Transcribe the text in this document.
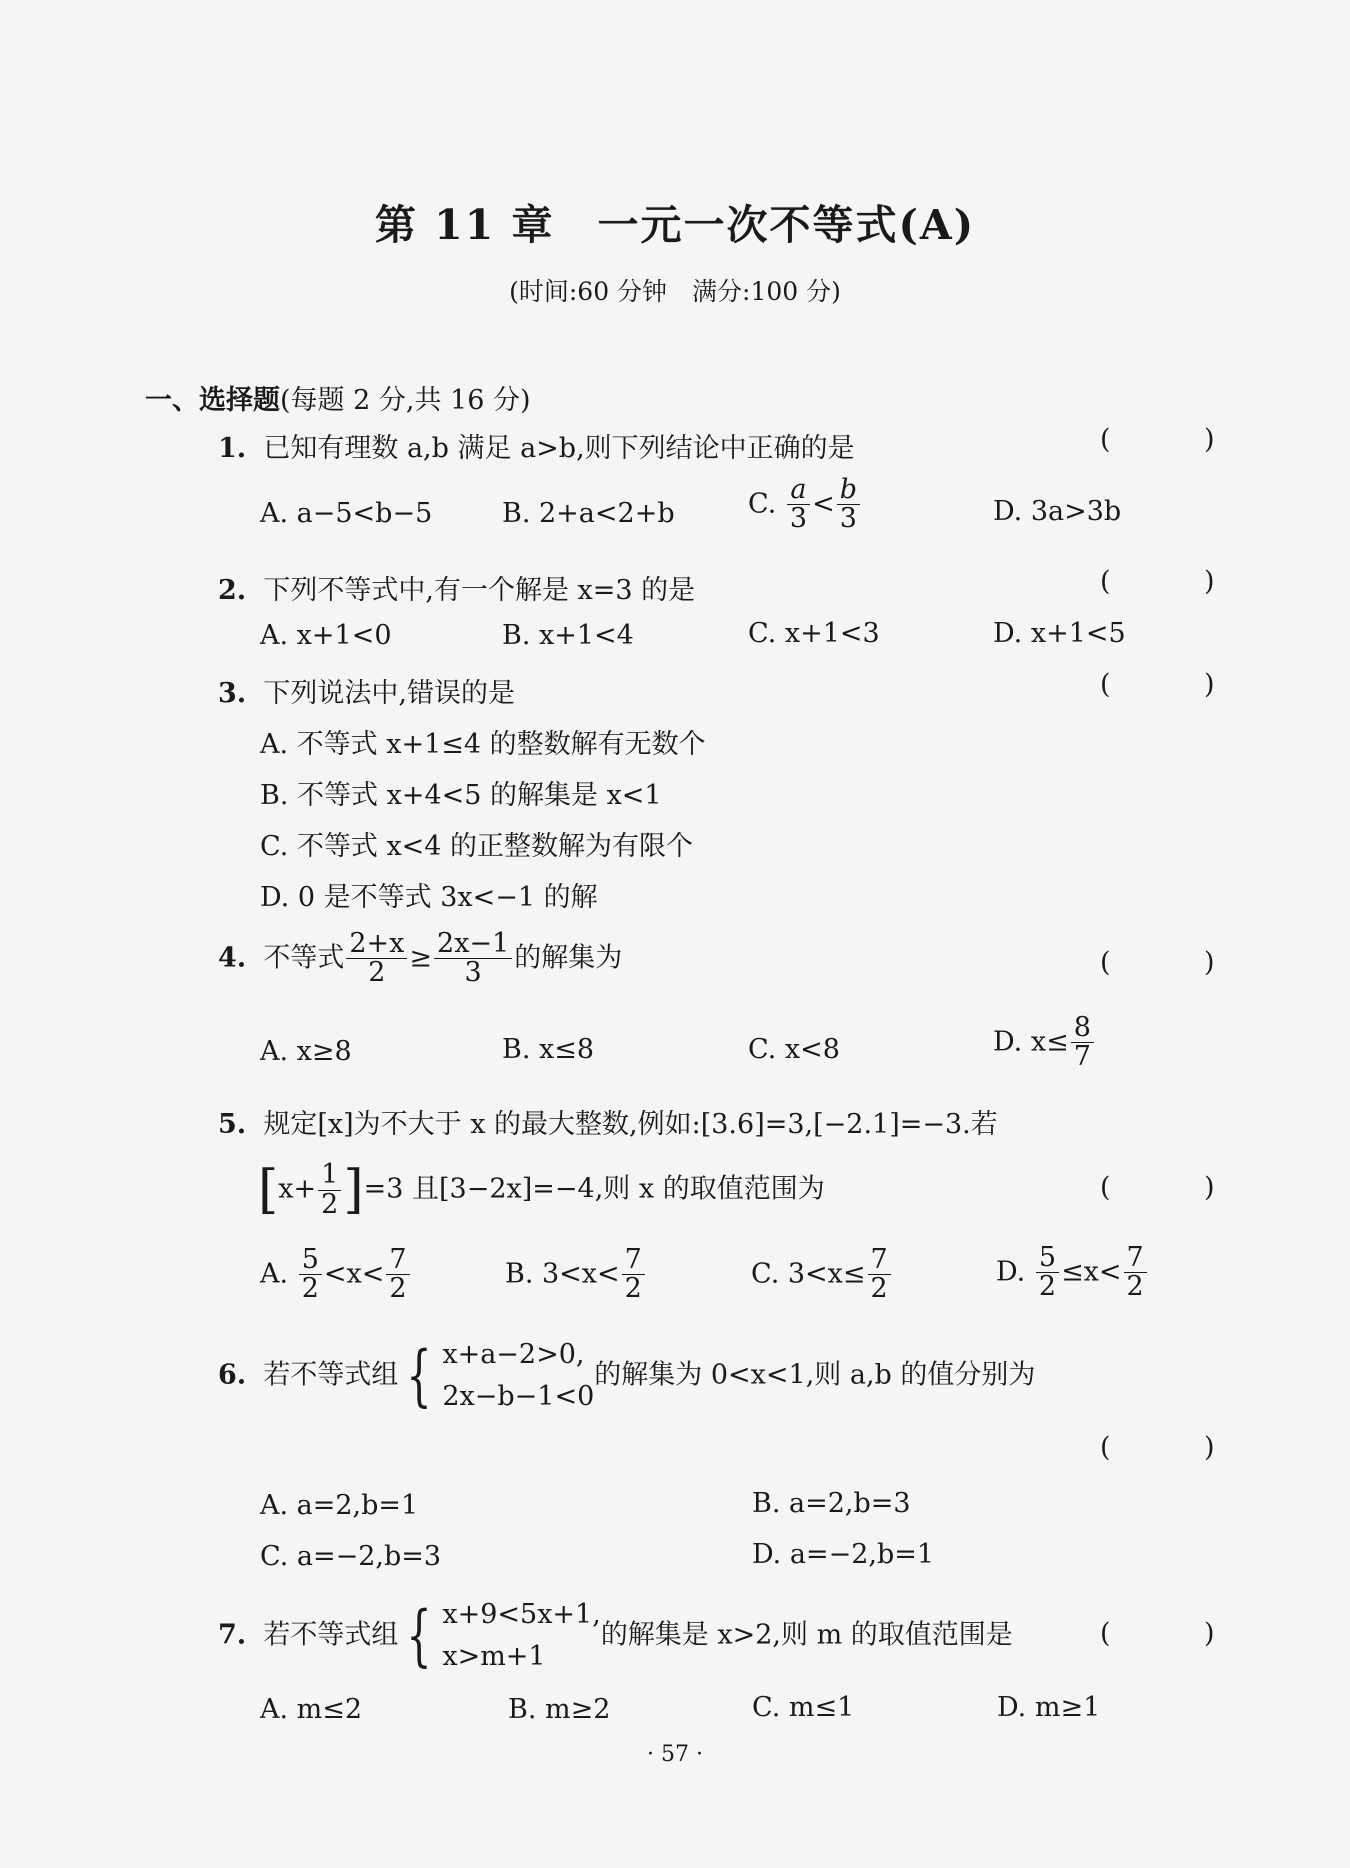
第 11 章　一元一次不等式(A)
(时间:60 分钟　满分:100 分)
一、选择题(每题 2 分,共 16 分)
1. 已知有理数 a,b 满足 a>b,则下列结论中正确的是	(	)
A. a−5<b−5	B. 2+a<2+b	C. $\frac{a}{3} < \frac{b}{3}$	D. 3a>3b
2. 下列不等式中,有一个解是 x=3 的是	(	)
A. x+1<0	B. x+1<4	C. x+1<3	D. x+1<5
3. 下列说法中,错误的是	(	)
A. 不等式 x+1≤4 的整数解有无数个
B. 不等式 x+4<5 的解集是 x<1
C. 不等式 x<4 的正整数解为有限个
D. 0 是不等式 3x<−1 的解
4. 不等式 $\frac{2+x}{2} \ge \frac{2x-1}{3}$ 的解集为	(	)
A. x≥8	B. x≤8	C. x<8	D. $x\le \frac{8}{7}$
5. 规定[x]为不大于 x 的最大整数,例如:[3.6]=3,[−2.1]=−3.若
$[x+ \frac{1}{2} ]=3$ 且[3−2x]=−4,则 x 的取值范围为	(	)
A. $\frac{5}{2} <x< \frac{7}{2}$	B. $3<x< \frac{7}{2}$	C. $3<x\le \frac{7}{2}$	D. $\frac{5}{2} \le x< \frac{7}{2}$
6. 若不等式组 { x+a−2>0,
2x−b−1<0
的解集为 0<x<1,则 a,b 的值分别为
(	)
A. a=2,b=1	B. a=2,b=3
C. a=−2,b=3	D. a=−2,b=1
7. 若不等式组 { x+9<5x+1,
x>m+1
的解集是 x>2,则 m 的取值范围是	(	)
A. m≤2	B. m≥2	C. m≤1	D. m≥1
· 57 ·
